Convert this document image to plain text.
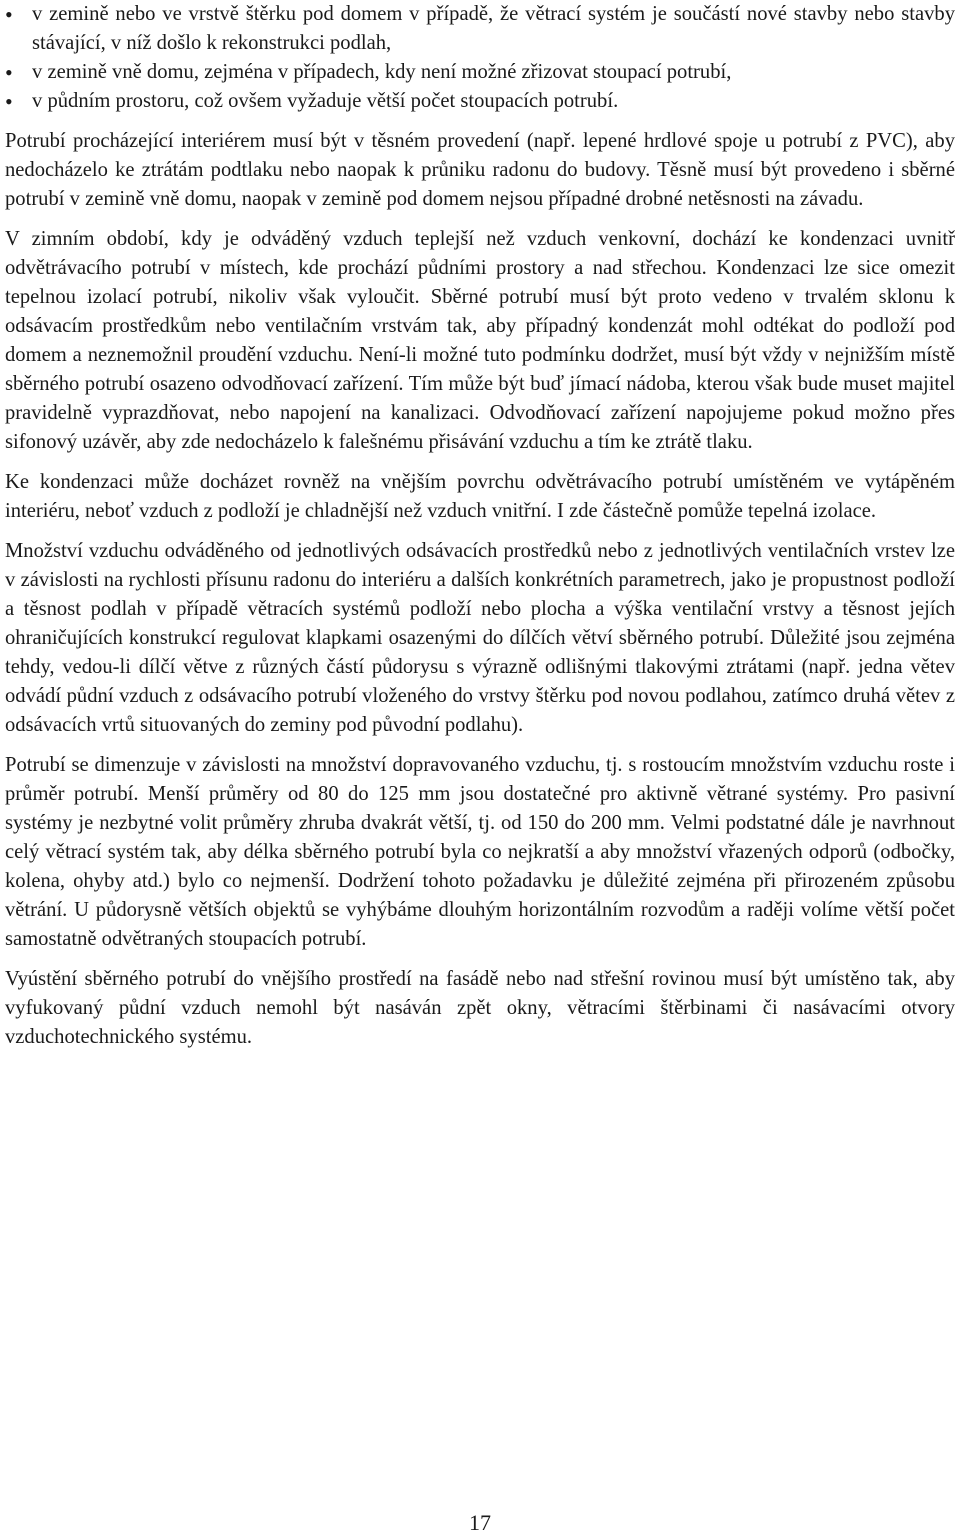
• v zemině nebo ve vrstvě štěrku pod domem v případě, že větrací systém je součástí nové stavby nebo stavby stávající, v níž došlo k rekonstrukci podlah,
• v zemině vně domu, zejména v případech, kdy není možné zřizovat stoupací potrubí,
• v půdním prostoru, což ovšem vyžaduje větší počet stoupacích potrubí.

Potrubí procházející interiérem musí být v těsném provedení (např. lepené hrdlové spoje u potrubí z PVC), aby nedocházelo ke ztrátám podtlaku nebo naopak k průniku radonu do budovy. Těsně musí být provedeno i sběrné potrubí v zemině vně domu, naopak v zemině pod domem nejsou případné drobné netěsnosti na závadu.

V zimním období, kdy je odváděný vzduch teplejší než vzduch venkovní, dochází ke kondenzaci uvnitř odvětrávacího potrubí v místech, kde prochází půdními prostory a nad střechou. Kondenzaci lze sice omezit tepelnou izolací potrubí, nikoliv však vyloučit. Sběrné potrubí musí být proto vedeno v trvalém sklonu k odsávacím prostředkům nebo ventilačním vrstvám tak, aby případný kondenzát mohl odtékat do podloží pod domem a neznemožnil proudění vzduchu. Není-li možné tuto podmínku dodržet, musí být vždy v nejnižším místě sběrného potrubí osazeno odvodňovací zařízení. Tím může být buď jímací nádoba, kterou však bude muset majitel pravidelně vyprazdňovat, nebo napojení na kanalizaci. Odvodňovací zařízení napojujeme pokud možno přes sifonový uzávěr, aby zde nedocházelo k falešnému přisávání vzduchu a tím ke ztrátě tlaku.

Ke kondenzaci může docházet rovněž na vnějším povrchu odvětrávacího potrubí umístěném ve vytápěném interiéru, neboť vzduch z podloží je chladnější než vzduch vnitřní. I zde částečně pomůže tepelná izolace.

Množství vzduchu odváděného od jednotlivých odsávacích prostředků nebo z jednotlivých ventilačních vrstev lze v závislosti na rychlosti přísunu radonu do interiéru a dalších konkrétních parametrech, jako je propustnost podloží a těsnost podlah v případě větracích systémů podloží nebo plocha a výška ventilační vrstvy a těsnost jejích ohraničujících konstrukcí regulovat klapkami osazenými do dílčích větví sběrného potrubí. Důležité jsou zejména tehdy, vedou-li dílčí větve z různých částí půdorysu s výrazně odlišnými tlakovými ztrátami (např. jedna větev odvádí půdní vzduch z odsávacího potrubí vloženého do vrstvy štěrku pod novou podlahou, zatímco druhá větev z odsávacích vrtů situovaných do zeminy pod původní podlahu).

Potrubí se dimenzuje v závislosti na množství dopravovaného vzduchu, tj. s rostoucím množstvím vzduchu roste i průměr potrubí. Menší průměry od 80 do 125 mm jsou dostatečné pro aktivně větrané systémy. Pro pasivní systémy je nezbytné volit průměry zhruba dvakrát větší, tj. od 150 do 200 mm. Velmi podstatné dále je navrhnout celý větrací systém tak, aby délka sběrného potrubí byla co nejkratší a aby množství vřazených odporů (odbočky, kolena, ohyby atd.) bylo co nejmenší. Dodržení tohoto požadavku je důležité zejména při přirozeném způsobu větrání. U půdorysně větších objektů se vyhýbáme dlouhým horizontálním rozvodům a raději volíme větší počet samostatně odvětraných stoupacích potrubí.

Vyústění sběrného potrubí do vnějšího prostředí na fasádě nebo nad střešní rovinou musí být umístěno tak, aby vyfukovaný půdní vzduch nemohl být nasáván zpět okny, větracími štěrbinami či nasávacími otvory vzduchotechnického systému.

17
